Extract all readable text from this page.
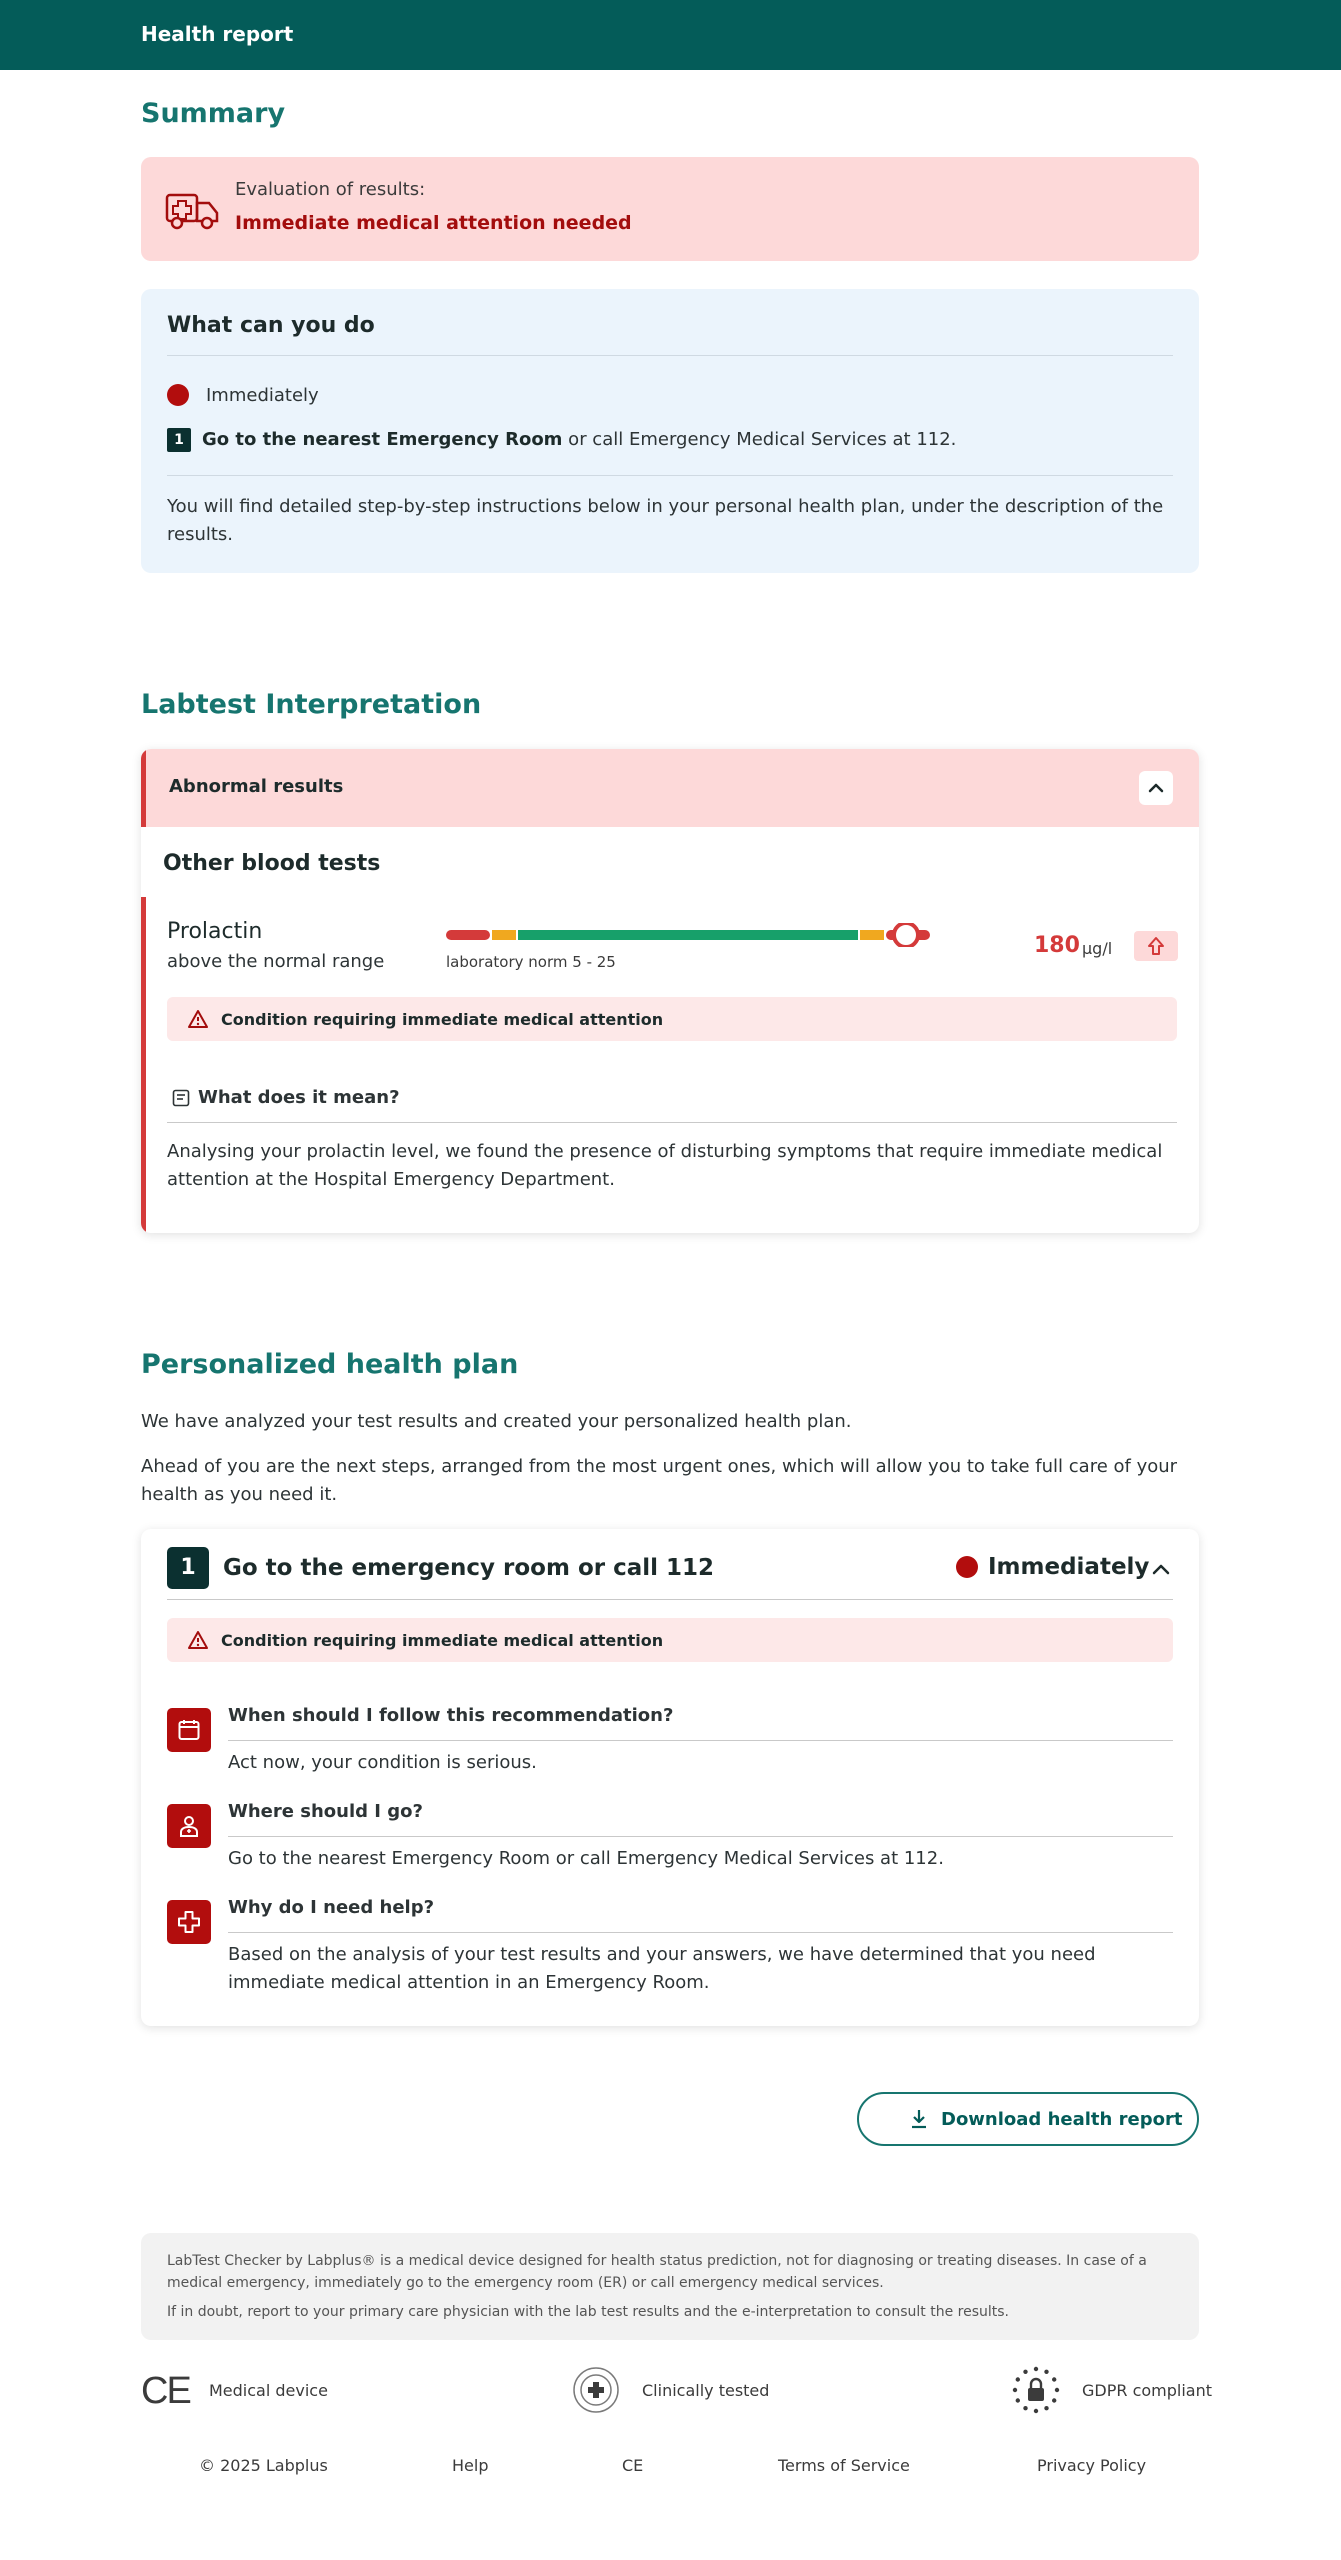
Health report
Summary
Evaluation of results:
Immediate medical attention needed
What can you do
Immediately
1	Go to the nearest Emergency Room or call Emergency Medical Services at 112.
You will find detailed step-by-step instructions below in your personal health plan, under the description of the results.
Labtest Interpretation
Abnormal results
Other blood tests
Prolactin
above the normal range	laboratory norm 5 - 25
180 µg/l
Condition requiring immediate medical attention
What does it mean?
Analysing your prolactin level, we found the presence of disturbing symptoms that require immediate medical attention at the Hospital Emergency Department.
Personalized health plan
We have analyzed your test results and created your personalized health plan.
Ahead of you are the next steps, arranged from the most urgent ones, which will allow you to take full care of your health as you need it.
1	Go to the emergency room or call 112	Immediately
Condition requiring immediate medical attention
When should I follow this recommendation?
Act now, your condition is serious.
Where should I go?
Go to the nearest Emergency Room or call Emergency Medical Services at 112.
Why do I need help?
Based on the analysis of your test results and your answers, we have determined that you need immediate medical attention in an Emergency Room.
Download health report
LabTest Checker by Labplus® is a medical device designed for health status prediction, not for diagnosing or treating diseases. In case of a medical emergency, immediately go to the emergency room (ER) or call emergency medical services.
If in doubt, report to your primary care physician with the lab test results and the e-interpretation to consult the results.
CE Medical device	Clinically tested	GDPR compliant
© 2025 Labplus	Help	CE	Terms of Service	Privacy Policy
